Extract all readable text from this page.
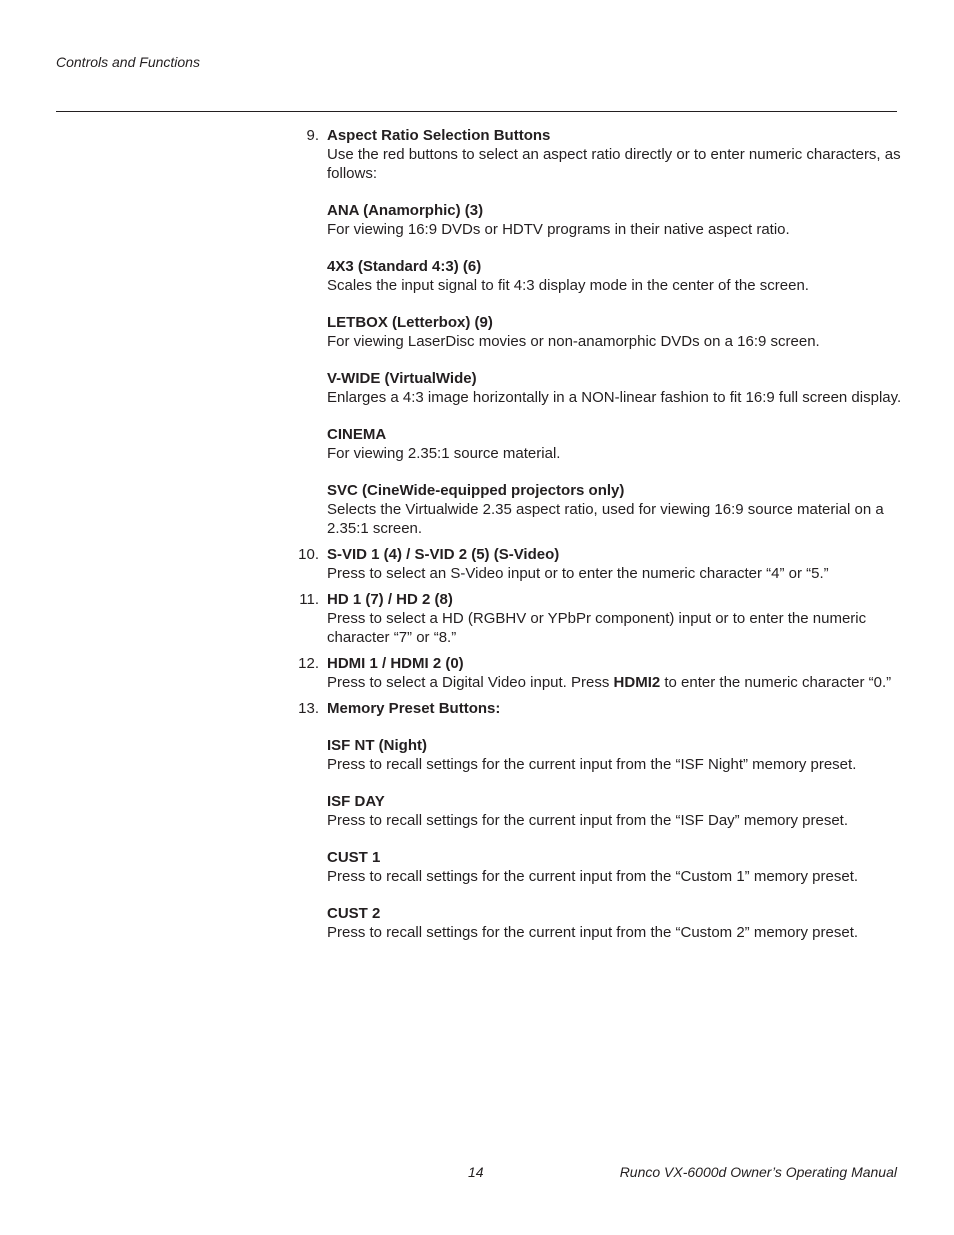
Controls and Functions
9. Aspect Ratio Selection Buttons
Use the red buttons to select an aspect ratio directly or to enter numeric characters, as follows:
ANA (Anamorphic) (3)
For viewing 16:9 DVDs or HDTV programs in their native aspect ratio.
4X3 (Standard 4:3) (6)
Scales the input signal to fit 4:3 display mode in the center of the screen.
LETBOX (Letterbox) (9)
For viewing LaserDisc movies or non-anamorphic DVDs on a 16:9 screen.
V-WIDE (VirtualWide)
Enlarges a 4:3 image horizontally in a NON-linear fashion to fit 16:9 full screen display.
CINEMA
For viewing 2.35:1 source material.
SVC (CineWide-equipped projectors only)
Selects the Virtualwide 2.35 aspect ratio, used for viewing 16:9 source material on a 2.35:1 screen.
10. S-VID 1 (4) / S-VID 2 (5) (S-Video)
Press to select an S-Video input or to enter the numeric character “4” or “5.”
11. HD 1 (7) / HD 2 (8)
Press to select a HD (RGBHV or YPbPr component) input or to enter the numeric character “7” or “8.”
12. HDMI 1 / HDMI 2 (0)
Press to select a Digital Video input. Press HDMI2 to enter the numeric character “0.”
13. Memory Preset Buttons:
ISF NT (Night)
Press to recall settings for the current input from the “ISF Night” memory preset.
ISF DAY
Press to recall settings for the current input from the “ISF Day” memory preset.
CUST 1
Press to recall settings for the current input from the “Custom 1” memory preset.
CUST 2
Press to recall settings for the current input from the “Custom 2” memory preset.
14	Runco VX-6000d Owner’s Operating Manual
